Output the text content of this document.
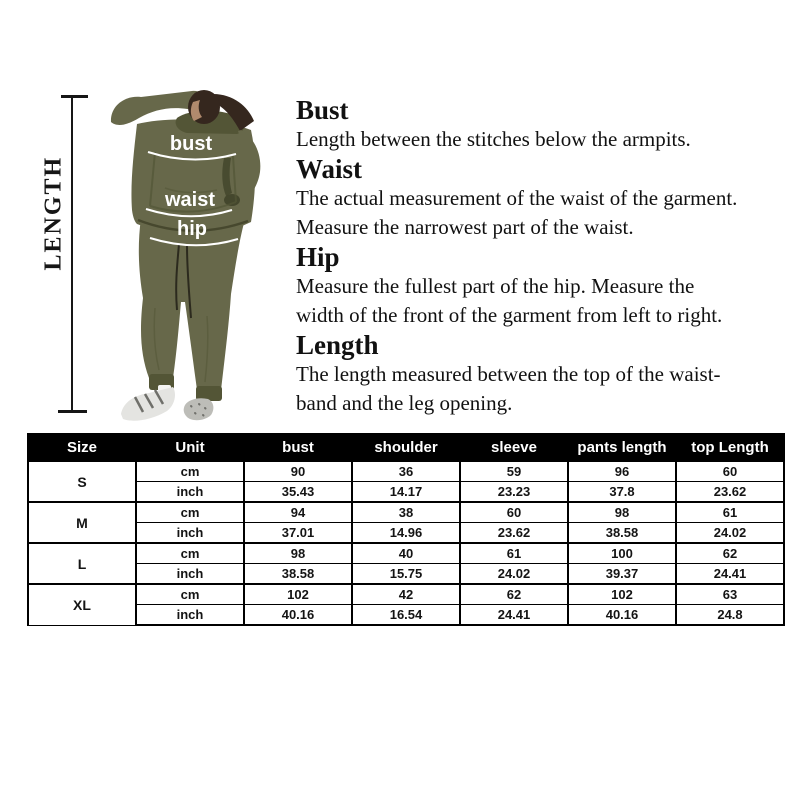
LENGTH
bust
waist
hip
Bust
Length between the stitches below the armpits.
Waist
The actual measurement of the waist of the garment.
Measure the narrowest part of the waist.
Hip
Measure the fullest part of the hip. Measure the
width of the front of the garment from left to right.
Length
The length measured between the top of the waist-
band and the leg opening.
Size	Unit	bust	shoulder	sleeve	pants length	top Length
S	cm	90	36	59	96	60
	inch	35.43	14.17	23.23	37.8	23.62
M	cm	94	38	60	98	61
	inch	37.01	14.96	23.62	38.58	24.02
L	cm	98	40	61	100	62
	inch	38.58	15.75	24.02	39.37	24.41
XL	cm	102	42	62	102	63
	inch	40.16	16.54	24.41	40.16	24.8
